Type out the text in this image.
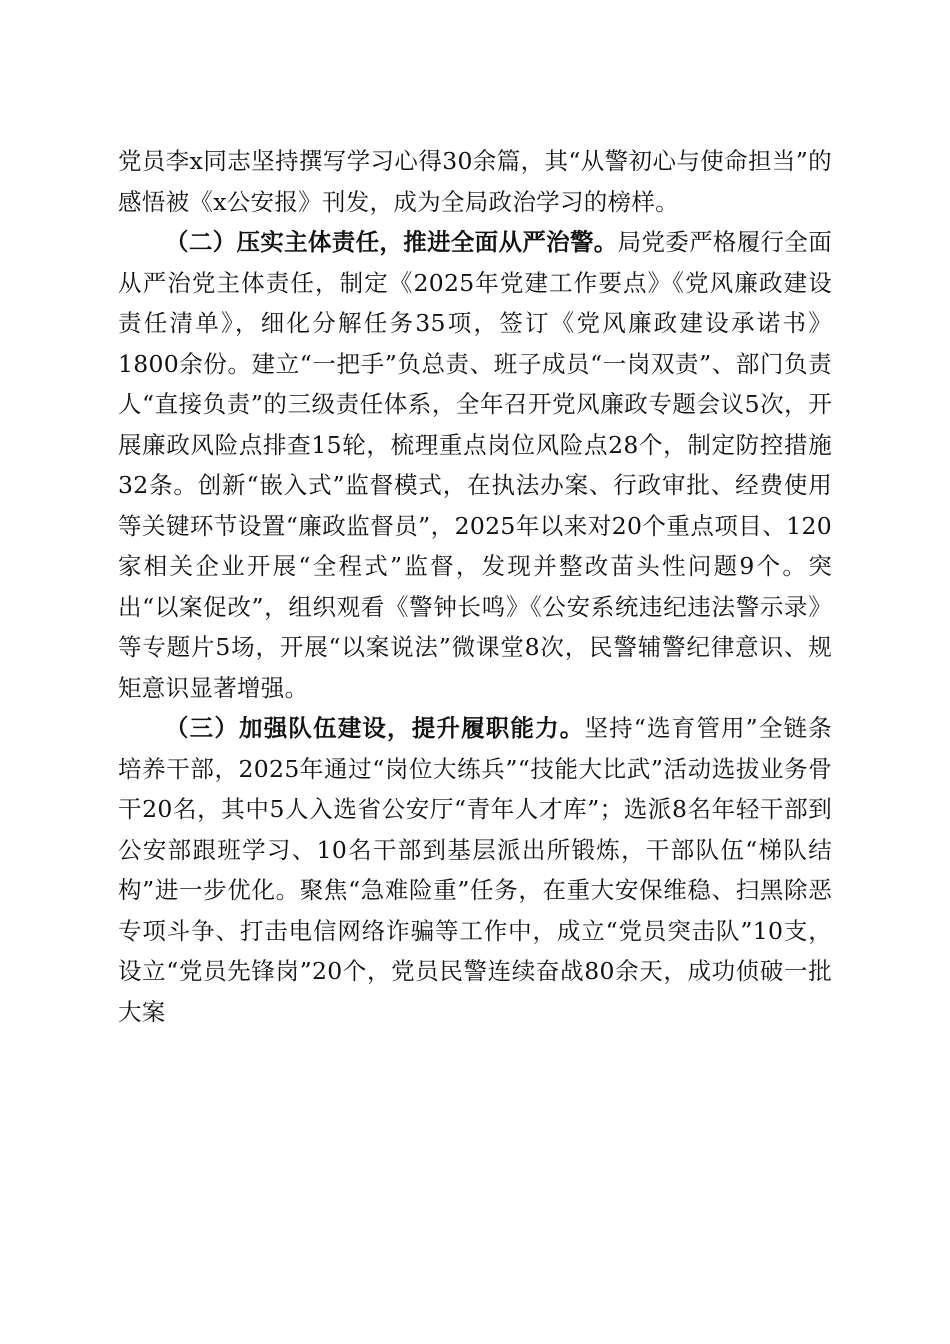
党员李x同志坚持撰写学习心得30余篇，其“从警初心与使命担当”的感悟被《x公安报》刊发，成为全局政治学习的榜样。

（二）压实主体责任，推进全面从严治警。局党委严格履行全面从严治党主体责任，制定《2025年党建工作要点》《党风廉政建设责任清单》，细化分解任务35项，签订《党风廉政建设承诺书》1800余份。建立“一把手”负总责、班子成员“一岗双责”、部门负责人“直接负责”的三级责任体系，全年召开党风廉政专题会议5次，开展廉政风险点排查15轮，梳理重点岗位风险点28个，制定防控措施32条。创新“嵌入式”监督模式，在执法办案、行政审批、经费使用等关键环节设置“廉政监督员”，2025年以来对20个重点项目、120家相关企业开展“全程式”监督，发现并整改苗头性问题9个。突出“以案促改”，组织观看《警钟长鸣》《公安系统违纪违法警示录》等专题片5场，开展“以案说法”微课堂8次，民警辅警纪律意识、规矩意识显著增强。

（三）加强队伍建设，提升履职能力。坚持“选育管用”全链条培养干部，2025年通过“岗位大练兵”“技能大比武”活动选拔业务骨干20名，其中5人入选省公安厅“青年人才库”；选派8名年轻干部到公安部跟班学习、10名干部到基层派出所锻炼，干部队伍“梯队结构”进一步优化。聚焦“急难险重”任务，在重大安保维稳、扫黑除恶专项斗争、打击电信网络诈骗等工作中，成立“党员突击队”10支，设立“党员先锋岗”20个，党员民警连续奋战80余天，成功侦破一批大案
